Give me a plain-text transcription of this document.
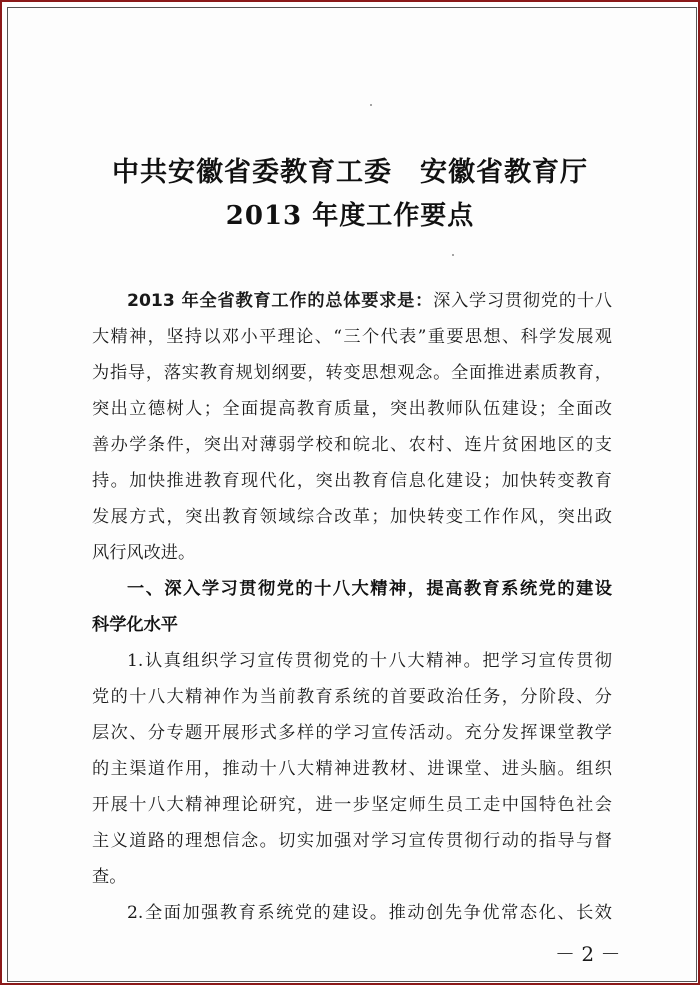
中共安徽省委教育工委　安徽省教育厅
2013 年度工作要点
2013 年全省教育工作的总体要求是：深入学习贯彻党的十八
大精神，坚持以邓小平理论、“三个代表”重要思想、科学发展观
为指导，落实教育规划纲要，转变思想观念。全面推进素质教育，
突出立德树人；全面提高教育质量，突出教师队伍建设；全面改
善办学条件，突出对薄弱学校和皖北、农村、连片贫困地区的支
持。加快推进教育现代化，突出教育信息化建设；加快转变教育
发展方式，突出教育领域综合改革；加快转变工作作风，突出政
风行风改进。
一、深入学习贯彻党的十八大精神，提高教育系统党的建设
科学化水平
1.认真组织学习宣传贯彻党的十八大精神。把学习宣传贯彻
党的十八大精神作为当前教育系统的首要政治任务，分阶段、分
层次、分专题开展形式多样的学习宣传活动。充分发挥课堂教学
的主渠道作用，推动十八大精神进教材、进课堂、进头脑。组织
开展十八大精神理论研究，进一步坚定师生员工走中国特色社会
主义道路的理想信念。切实加强对学习宣传贯彻行动的指导与督
查。
2.全面加强教育系统党的建设。推动创先争优常态化、长效
－ 2 －
